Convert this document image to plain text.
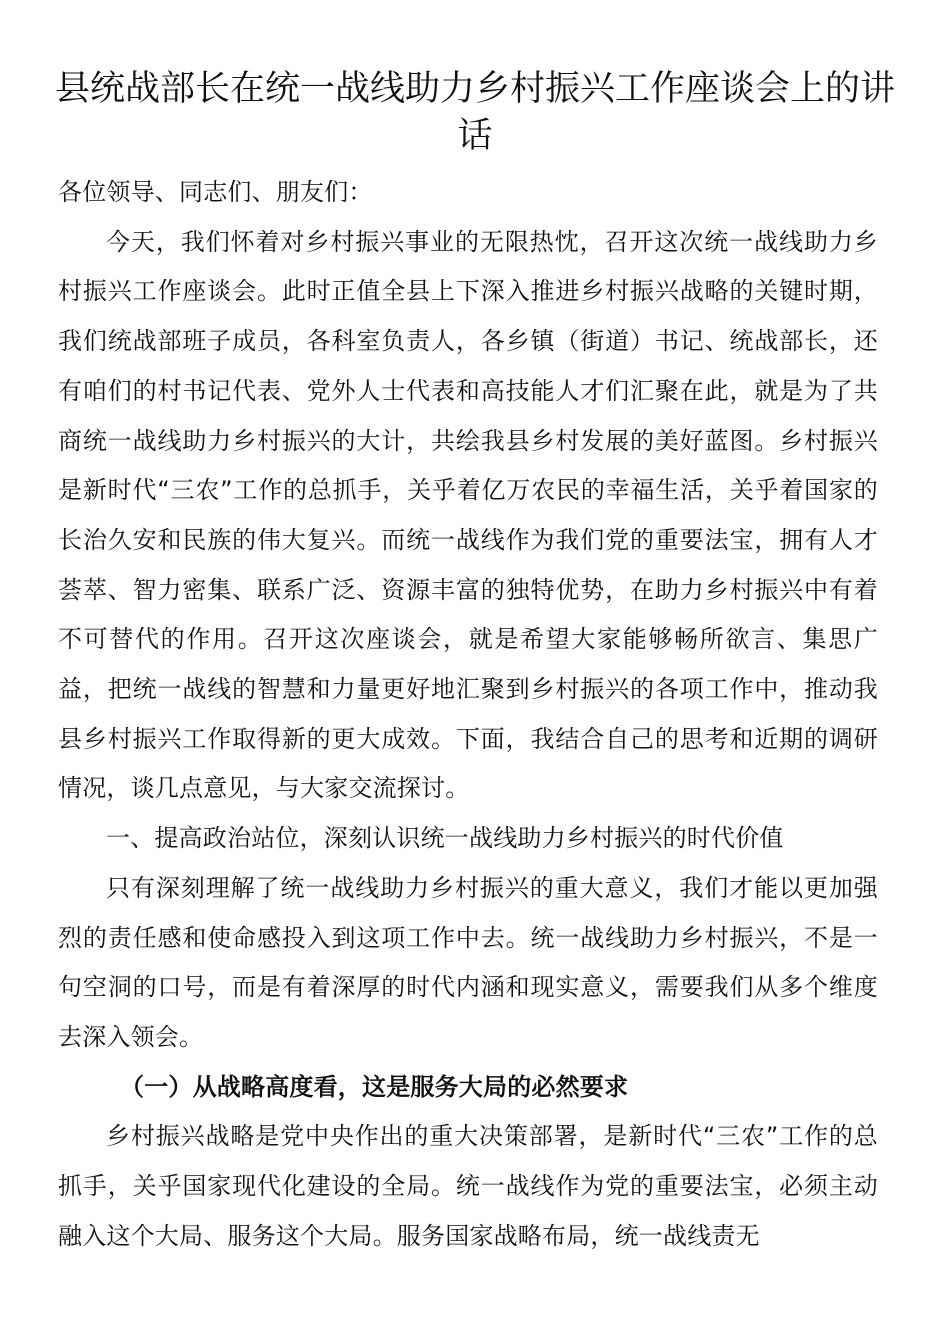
县统战部长在统一战线助力乡村振兴工作座谈会上的讲话

各位领导、同志们、朋友们：

今天，我们怀着对乡村振兴事业的无限热忱，召开这次统一战线助力乡村振兴工作座谈会。此时正值全县上下深入推进乡村振兴战略的关键时期，我们统战部班子成员，各科室负责人，各乡镇（街道）书记、统战部长，还有咱们的村书记代表、党外人士代表和高技能人才们汇聚在此，就是为了共商统一战线助力乡村振兴的大计，共绘我县乡村发展的美好蓝图。乡村振兴是新时代“三农”工作的总抓手，关乎着亿万农民的幸福生活，关乎着国家的长治久安和民族的伟大复兴。而统一战线作为我们党的重要法宝，拥有人才荟萃、智力密集、联系广泛、资源丰富的独特优势，在助力乡村振兴中有着不可替代的作用。召开这次座谈会，就是希望大家能够畅所欲言、集思广益，把统一战线的智慧和力量更好地汇聚到乡村振兴的各项工作中，推动我县乡村振兴工作取得新的更大成效。下面，我结合自己的思考和近期的调研情况，谈几点意见，与大家交流探讨。

一、提高政治站位，深刻认识统一战线助力乡村振兴的时代价值

只有深刻理解了统一战线助力乡村振兴的重大意义，我们才能以更加强烈的责任感和使命感投入到这项工作中去。统一战线助力乡村振兴，不是一句空洞的口号，而是有着深厚的时代内涵和现实意义，需要我们从多个维度去深入领会。

（一）从战略高度看，这是服务大局的必然要求

乡村振兴战略是党中央作出的重大决策部署，是新时代“三农”工作的总抓手，关乎国家现代化建设的全局。统一战线作为党的重要法宝，必须主动融入这个大局、服务这个大局。服务国家战略布局，统一战线责无
